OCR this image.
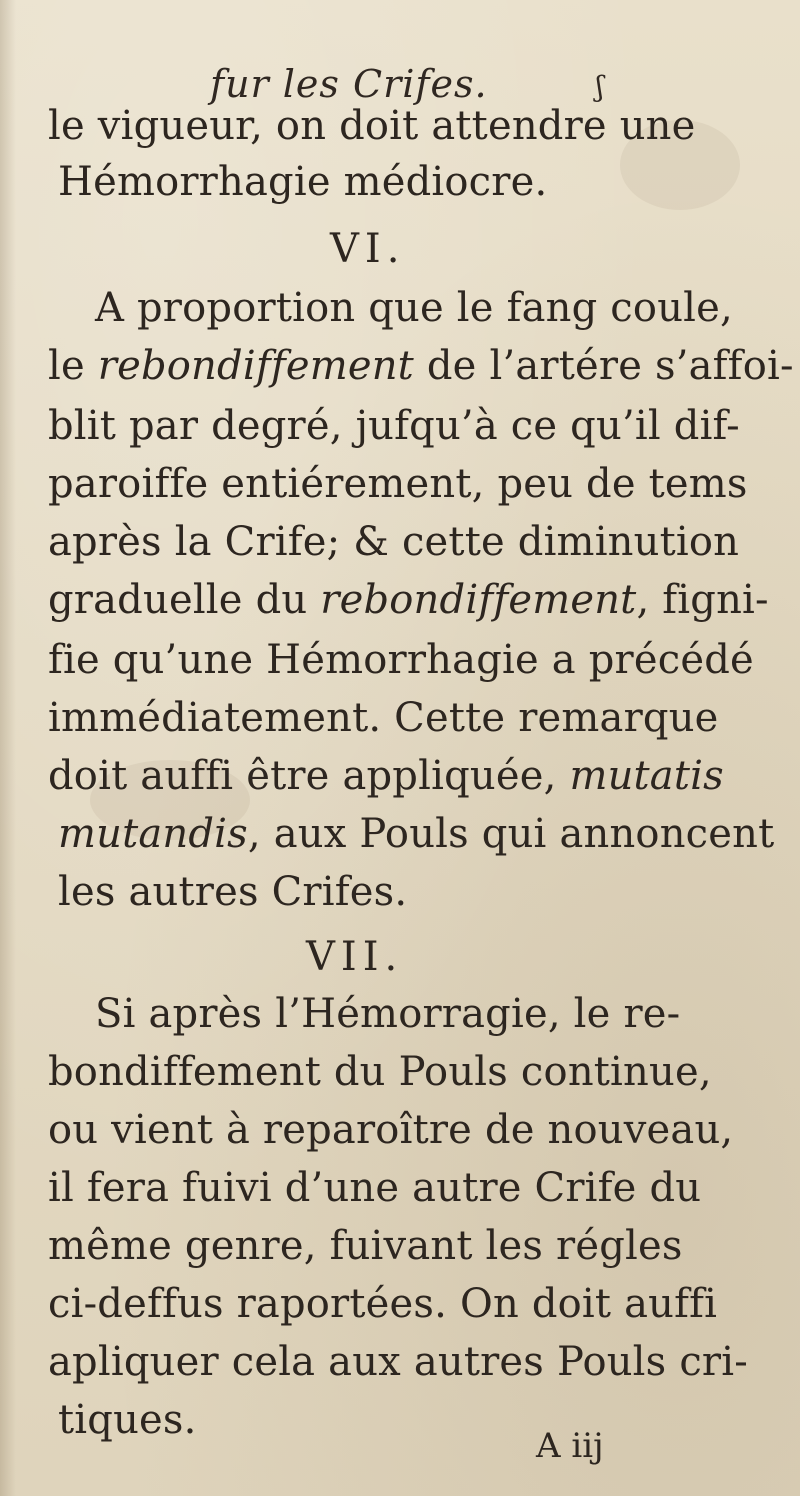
fur les Crifes.	ʃ
le vigueur, on doit attendre une
Hémorrhagie médiocre.
VI.
A proportion que le fang coule,
le rebondiffement de l’artére s’affoi-
blit par degré, jufqu’à ce qu’il dif-
paroiffe entiérement, peu de tems
après la Crife; & cette diminution
graduelle du rebondiffement, figni-
fie qu’une Hémorrhagie a précédé
immédiatement. Cette remarque
doit auffi être appliquée, mutatis
mutandis, aux Pouls qui annoncent
les autres Crifes.
VII.
Si après l’Hémorragie, le re-
bondiffement du Pouls continue,
ou vient à reparoître de nouveau,
il fera fuivi d’une autre Crife du
même genre, fuivant les régles
ci-deffus raportées. On doit auffi
apliquer cela aux autres Pouls cri-
tiques.
A iij
